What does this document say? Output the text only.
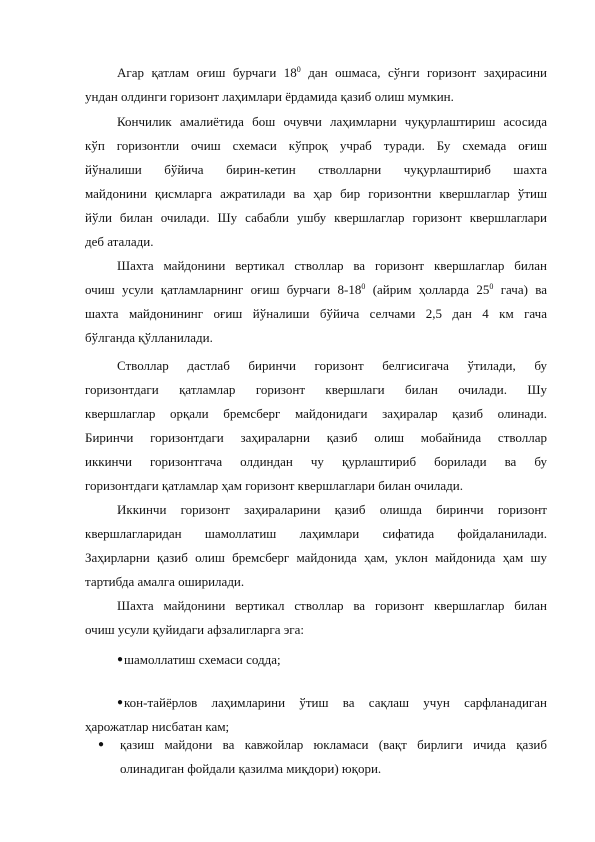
Агар қатлам оғиш бурчаги $18^0$ дан ошмаса, сўнги горизонт заҳирасини
ундан олдинги горизонт лаҳимлари ёрдамида қазиб олиш мумкин.
Кончилик амалиётида бош очувчи лаҳимларни чуқурлаштириш асосида
кўп горизонтли очиш схемаси кўпроқ учраб туради. Бу схемада оғиш
йўналиши бўйича бирин-кетин стволларни чуқурлаштириб шахта
майдонини қисмларга ажратилади ва ҳар бир горизонтни квершлаглар ўтиш
йўли билан очилади. Шу сабабли ушбу квершлаглар горизонт квершлаглари
деб аталади.
Шахта майдонини вертикал стволлар ва горизонт квершлаглар билан
очиш усули қатламларнинг оғиш бурчаги $8-18^0$ (айрим ҳолларда $25^0$ гача) ва
шахта майдонининг оғиш йўналиши бўйича селчами 2,5 дан 4 км гача
бўлганда қўлланилади.
Стволлар дастлаб биринчи горизонт белгисигача ўтилади, бу
горизонтдаги қатламлар горизонт квершлаги билан очилади. Шу
квершлаглар орқали бремсберг майдонидаги заҳиралар қазиб олинади.
Биринчи горизонтдаги заҳираларни қазиб олиш мобайнида стволлар
иккинчи горизонтгача олдиндан чу қурлаштириб борилади ва бу
горизонтдаги қатламлар ҳам горизонт квершлаглари билан очилади.
Иккинчи горизонт заҳираларини қазиб олишда биринчи горизонт
квершлагларидан шамоллатиш лаҳимлари сифатида фойдаланилади.
Заҳирларни қазиб олиш бремсберг майдонида ҳам, уклон майдонида ҳам шу
тартибда амалга оширилади.
Шахта майдонини вертикал стволлар ва горизонт квершлаглар билан
очиш усули қуйидаги афзалигларга эга:
● шамоллатиш схемаси содда;
● кон-тайёрлов лаҳимларини ўтиш ва сақлаш учун сарфланадиган
ҳарожатлар нисбатан кам;
● қазиш майдони ва кавжойлар юкламаси (вақт бирлиги ичида қазиб
олинадиган фойдали қазилма миқдори) юқори.
